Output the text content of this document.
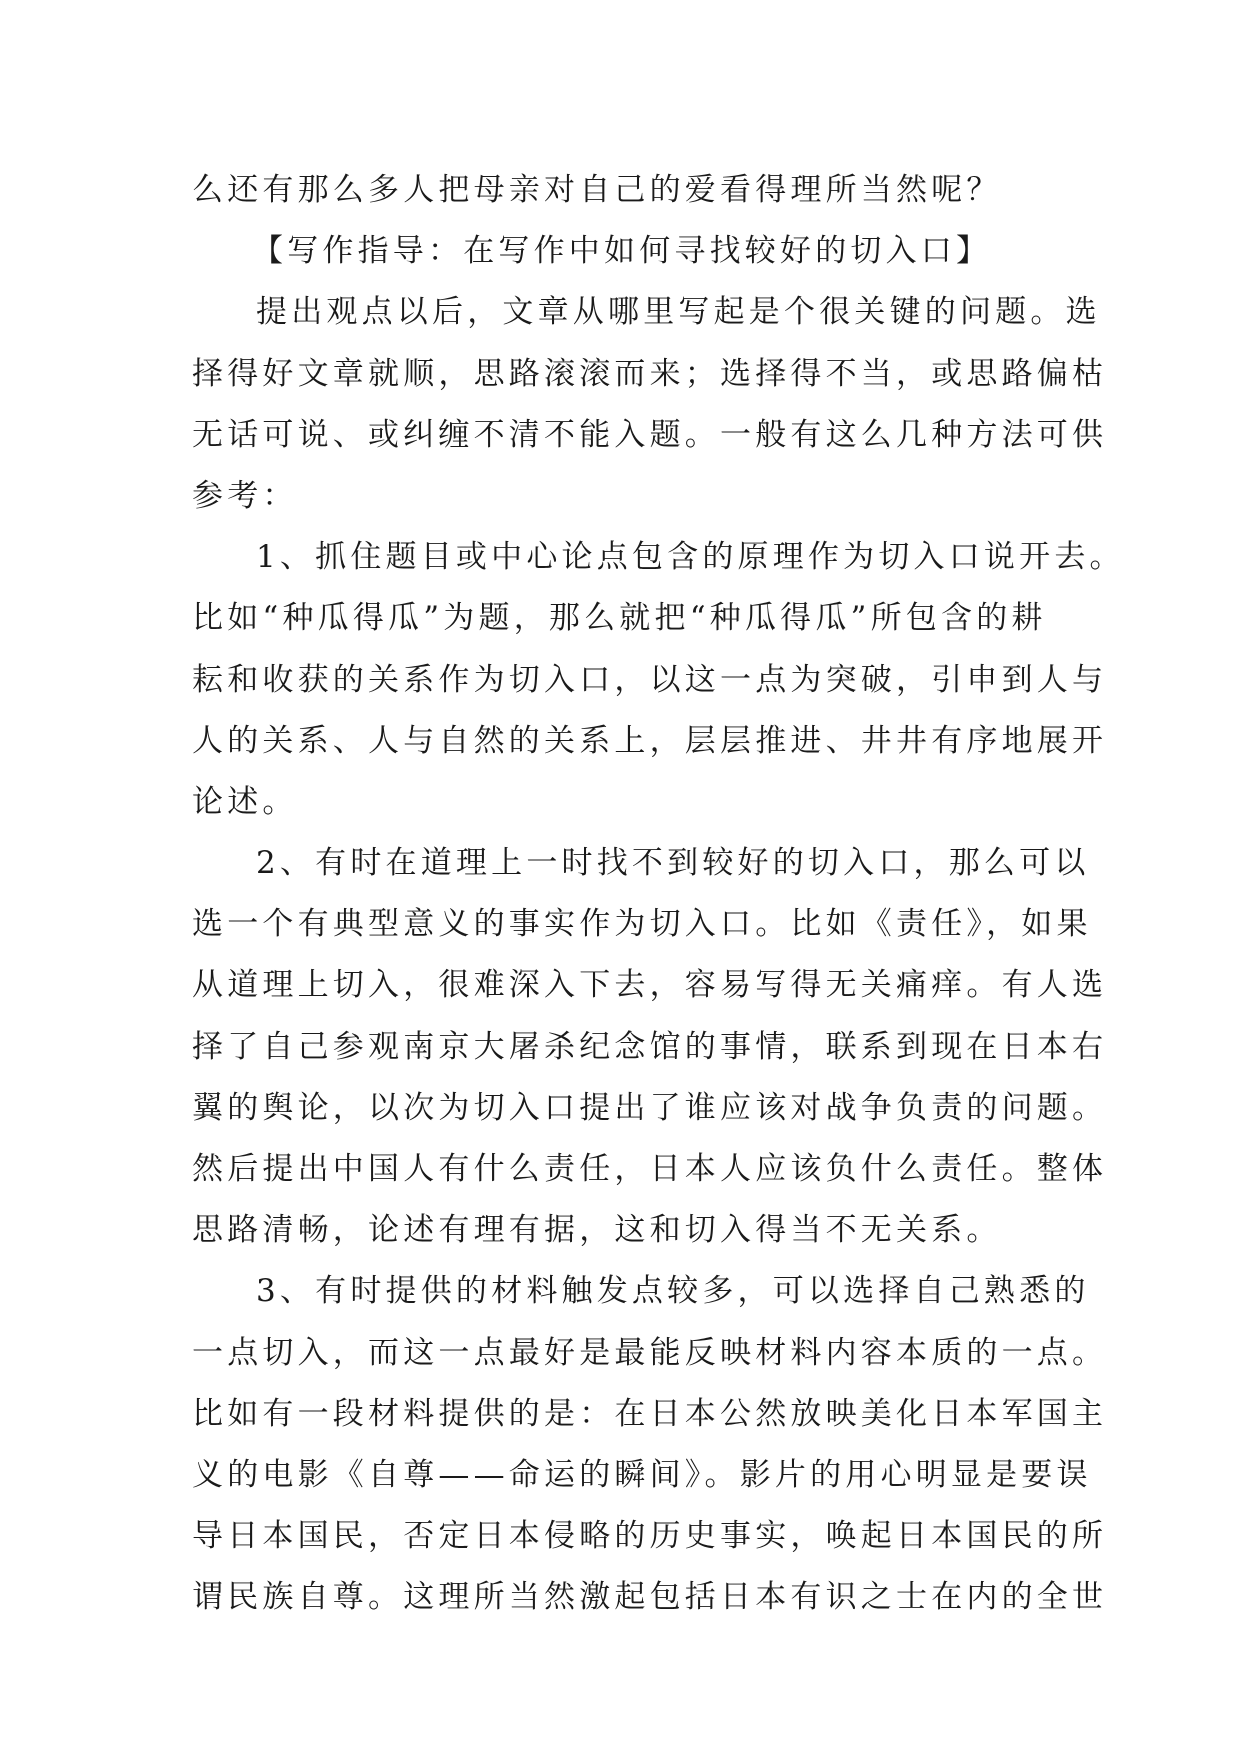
么还有那么多人把母亲对自己的爱看得理所当然呢？
【写作指导：在写作中如何寻找较好的切入口】
提出观点以后，文章从哪里写起是个很关键的问题。选
择得好文章就顺，思路滚滚而来；选择得不当，或思路偏枯
无话可说、或纠缠不清不能入题。一般有这么几种方法可供
参考：
1、抓住题目或中心论点包含的原理作为切入口说开去。
比如“种瓜得瓜”为题，那么就把“种瓜得瓜”所包含的耕
耘和收获的关系作为切入口，以这一点为突破，引申到人与
人的关系、人与自然的关系上，层层推进、井井有序地展开
论述。
2、有时在道理上一时找不到较好的切入口，那么可以
选一个有典型意义的事实作为切入口。比如《责任》，如果
从道理上切入，很难深入下去，容易写得无关痛痒。有人选
择了自己参观南京大屠杀纪念馆的事情，联系到现在日本右
翼的舆论，以次为切入口提出了谁应该对战争负责的问题。
然后提出中国人有什么责任，日本人应该负什么责任。整体
思路清畅，论述有理有据，这和切入得当不无关系。
3、有时提供的材料触发点较多，可以选择自己熟悉的
一点切入，而这一点最好是最能反映材料内容本质的一点。
比如有一段材料提供的是：在日本公然放映美化日本军国主
义的电影《自尊——命运的瞬间》。影片的用心明显是要误
导日本国民，否定日本侵略的历史事实，唤起日本国民的所
谓民族自尊。这理所当然激起包括日本有识之士在内的全世
